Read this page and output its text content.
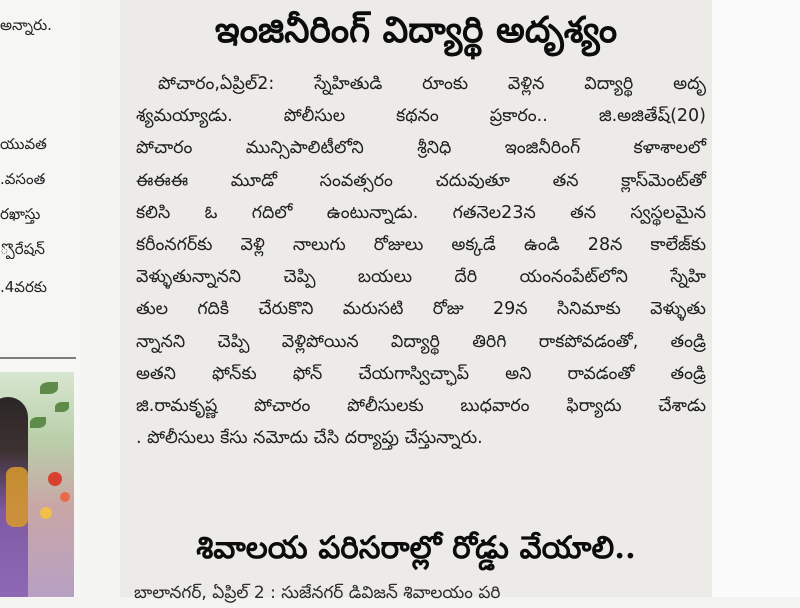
అన్నారు.
యువత
.వసంత
రఖాస్తు
్పొరేషన్
.4వరకు
ఇంజినీరింగ్ విద్యార్థి అదృశ్యం
పోచారం,ఏప్రిల్2: స్నేహితుడి రూంకు వెళ్లిన విద్యార్థి అదృ
శ్యమయ్యాడు. పోలీసుల కథనం ప్రకారం.. జి.అజితేష్(20)
పోచారం మున్సిపాలిటీలోని శ్రీనిధి ఇంజినీరింగ్ కళాశాలలో
ఈఈఈ మూడో సంవత్సరం చదువుతూ తన క్లాస్‌మెంట్‌తో
కలిసి ఓ గదిలో ఉంటున్నాడు. గతనెల23న తన స్వస్థలమైన
కరీంనగర్‌కు వెళ్లి నాలుగు రోజులు అక్కడే ఉండి 28న కాలేజ్‌కు
వెళ్ళుతున్నానని చెప్పి బయలు దేరి యంనంపేట్‌లోని స్నేహి
తుల గదికి చేరుకొని మరుసటి రోజు 29న సినిమాకు వెళ్ళుతు
న్నానని చెప్పి వెళ్లిపోయిన విద్యార్థి తిరిగి రాకపోవడంతో, తండ్రి
అతని ఫోన్‌కు ఫోన్ చేయగాస్విచ్ఛాప్ అని రావడంతో తండ్రి
జి.రామకృష్ణ పోచారం పోలీసులకు బుధవారం ఫిర్యాదు చేశాడు
. పోలీసులు కేసు నమోదు చేసి దర్యాప్తు చేస్తున్నారు.
శివాలయ పరిసరాల్లో రోడ్డు వేయాలి..
బాలానగర్, ఏప్రిల్ 2 : సుజేనగర్ డివిజన్ శివాలయం పరి
